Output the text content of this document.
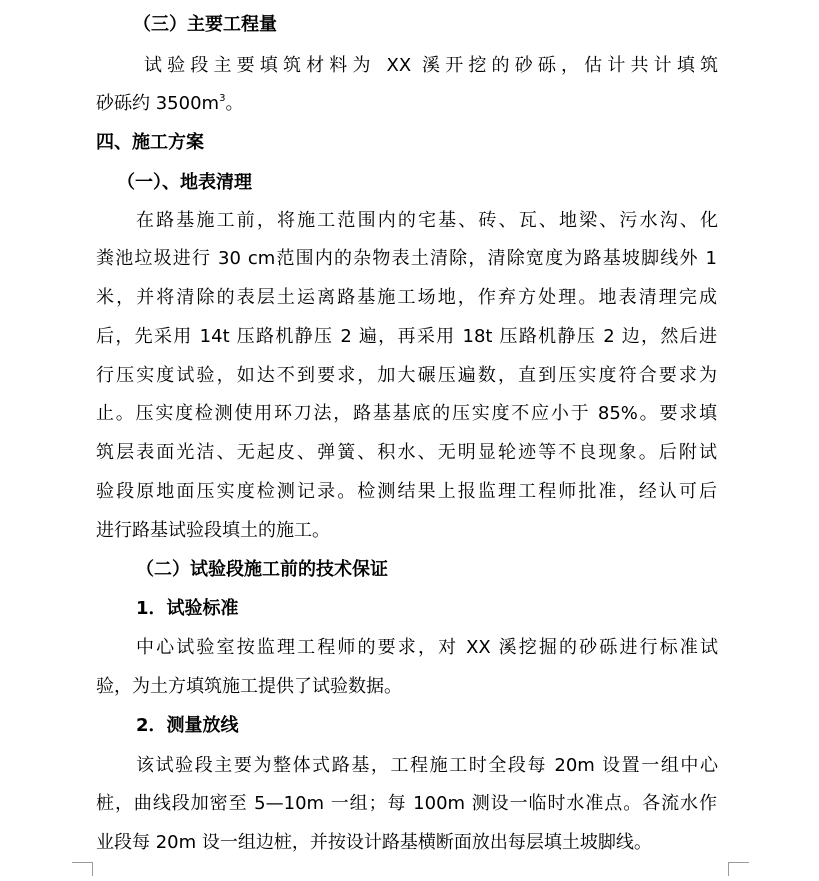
（三）主要工程量
试验段主要填筑材料为 XX 溪开挖的砂砾，估计共计填筑
砂砾约 $3500m^3$。
四、施工方案
（一）、地表清理
在路基施工前，将施工范围内的宅基、砖、瓦、地梁、污水沟、化
粪池垃圾进行 30 cm范围内的杂物表土清除，清除宽度为路基坡脚线外 1
米，并将清除的表层土运离路基施工场地，作弃方处理。地表清理完成
后，先采用 14t 压路机静压 2 遍，再采用 18t 压路机静压 2 边，然后进
行压实度试验，如达不到要求，加大碾压遍数，直到压实度符合要求为
止。压实度检测使用环刀法，路基基底的压实度不应小于 85%。要求填
筑层表面光洁、无起皮、弹簧、积水、无明显轮迹等不良现象。后附试
验段原地面压实度检测记录。检测结果上报监理工程师批准，经认可后
进行路基试验段填土的施工。
（二）试验段施工前的技术保证
1．试验标准
中心试验室按监理工程师的要求，对 XX 溪挖掘的砂砾进行标准试
验，为土方填筑施工提供了试验数据。
2．测量放线
该试验段主要为整体式路基，工程施工时全段每 20m 设置一组中心
桩，曲线段加密至 5—10m 一组；每 100m 测设一临时水准点。各流水作
业段每 20m 设一组边桩，并按设计路基横断面放出每层填土坡脚线。
